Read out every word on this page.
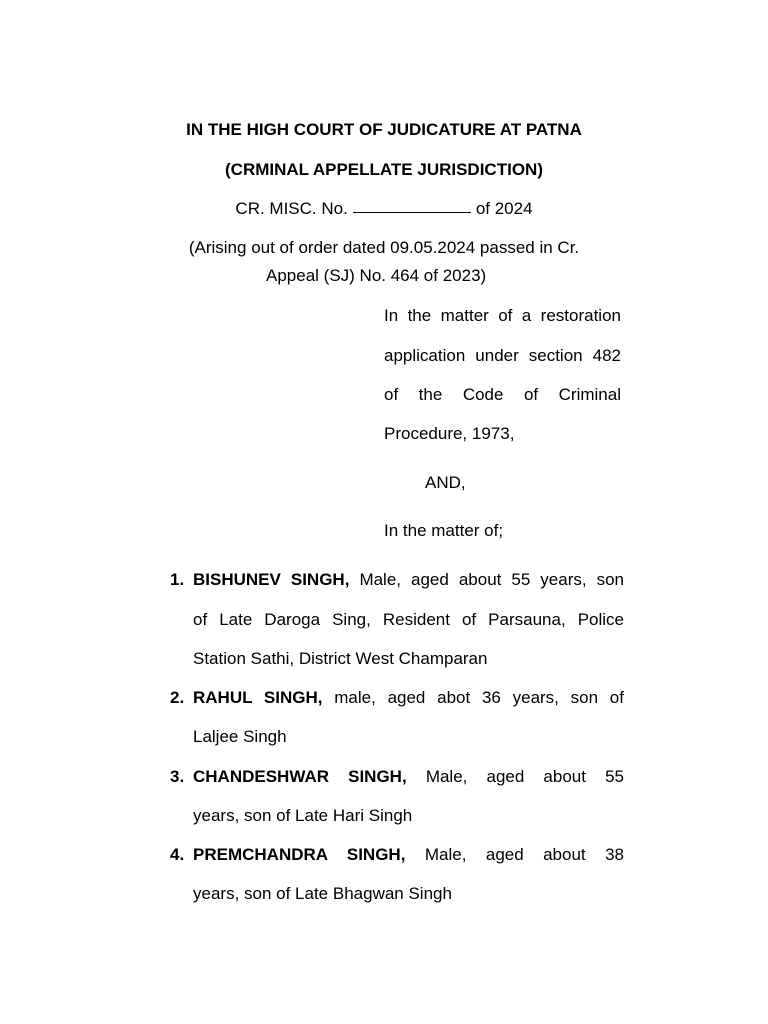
IN THE HIGH COURT OF JUDICATURE AT PATNA
(CRMINAL APPELLATE JURISDICTION)
CR. MISC. No.	of 2024
(Arising out of order dated 09.05.2024 passed in Cr.
Appeal (SJ) No. 464 of 2023)
In the matter of a restoration
application under section 482
of the Code of Criminal
Procedure, 1973,
AND,
In the matter of;
1. BISHUNEV SINGH, Male, aged about 55 years, son
of Late Daroga Sing, Resident of Parsauna, Police
Station Sathi, District West Champaran
2. RAHUL SINGH, male, aged abot 36 years, son of
Laljee Singh
3. CHANDESHWAR SINGH, Male, aged about 55
years, son of Late Hari Singh
4. PREMCHANDRA SINGH, Male, aged about 38
years, son of Late Bhagwan Singh
